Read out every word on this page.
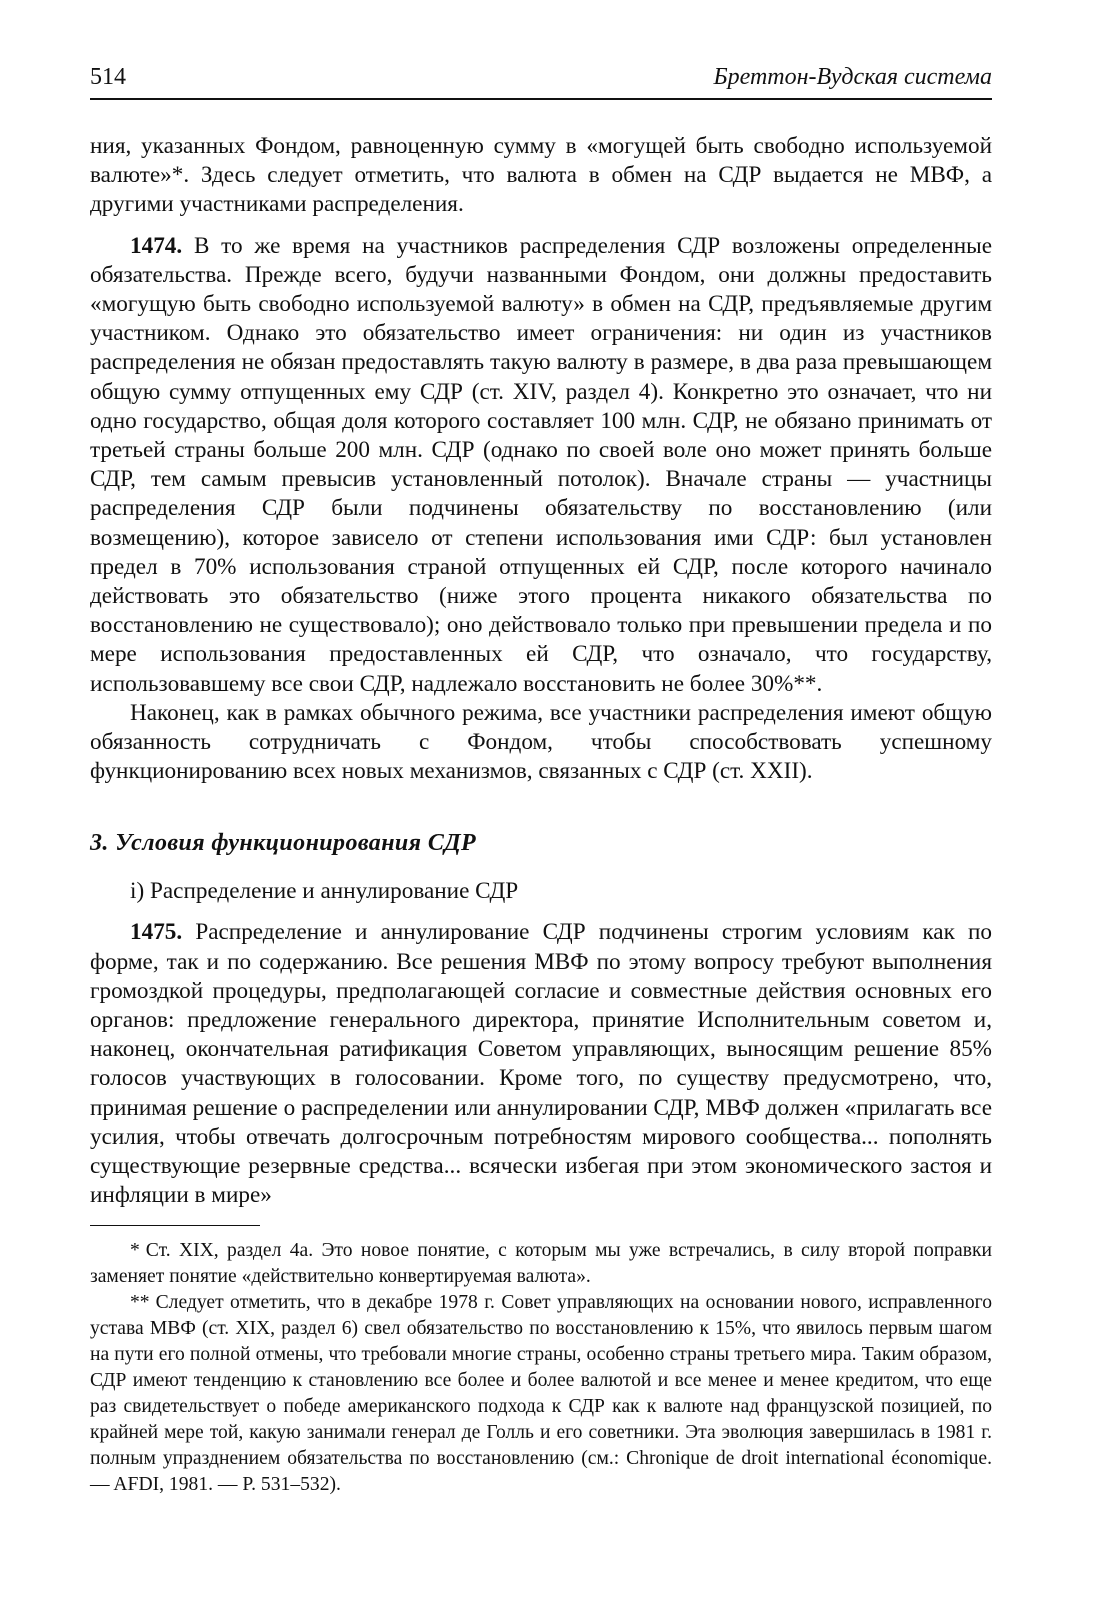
514	Бреттон-Вудская система

ния, указанных Фондом, равноценную сумму в «могущей быть свободно используемой валюте»*. Здесь следует отметить, что валюта в обмен на СДР выдается не МВФ, а другими участниками распределения.

1474. В то же время на участников распределения СДР возложены определенные обязательства. Прежде всего, будучи названными Фондом, они должны предоставить «могущую быть свободно используемой валюту» в обмен на СДР, предъявляемые другим участником. Однако это обязательство имеет ограничения: ни один из участников распределения не обязан предоставлять такую валюту в размере, в два раза превышающем общую сумму отпущенных ему СДР (ст. XIV, раздел 4). Конкретно это означает, что ни одно государство, общая доля которого составляет 100 млн. СДР, не обязано принимать от третьей страны больше 200 млн. СДР (однако по своей воле оно может принять больше СДР, тем самым превысив установленный потолок). Вначале страны — участницы распределения СДР были подчинены обязательству по восстановлению (или возмещению), которое зависело от степени использования ими СДР: был установлен предел в 70% использования страной отпущенных ей СДР, после которого начинало действовать это обязательство (ниже этого процента никакого обязательства по восстановлению не существовало); оно действовало только при превышении предела и по мере использования предоставленных ей СДР, что означало, что государству, использовавшему все свои СДР, надлежало восстановить не более 30%**.

Наконец, как в рамках обычного режима, все участники распределения имеют общую обязанность сотрудничать с Фондом, чтобы способствовать успешному функционированию всех новых механизмов, связанных с СДР (ст. XXII).

3. Условия функционирования СДР
i) Распределение и аннулирование СДР

1475. Распределение и аннулирование СДР подчинены строгим условиям как по форме, так и по содержанию. Все решения МВФ по этому вопросу требуют выполнения громоздкой процедуры, предполагающей согласие и совместные действия основных его органов: предложение генерального директора, принятие Исполнительным советом и, наконец, окончательная ратификация Советом управляющих, выносящим решение 85% голосов участвующих в голосовании. Кроме того, по существу предусмотрено, что, принимая решение о распределении или аннулировании СДР, МВФ должен «прилагать все усилия, чтобы отвечать долгосрочным потребностям мирового сообщества... пополнять существующие резервные средства... всячески избегая при этом экономического застоя и инфляции в мире»

* Ст. XIX, раздел 4а. Это новое понятие, с которым мы уже встречались, в силу второй поправки заменяет понятие «действительно конвертируемая валюта».

** Следует отметить, что в декабре 1978 г. Совет управляющих на основании нового, исправленного устава МВФ (ст. XIX, раздел 6) свел обязательство по восстановлению к 15%, что явилось первым шагом на пути его полной отмены, что требовали многие страны, особенно страны третьего мира. Таким образом, СДР имеют тенденцию к становлению все более и более валютой и все менее и менее кредитом, что еще раз свидетельствует о победе американского подхода к СДР как к валюте над французской позицией, по крайней мере той, какую занимали генерал де Голль и его советники. Эта эволюция завершилась в 1981 г. полным упразднением обязательства по восстановлению (см.: Chronique de droit international économique. — AFDI, 1981. — P. 531–532).
